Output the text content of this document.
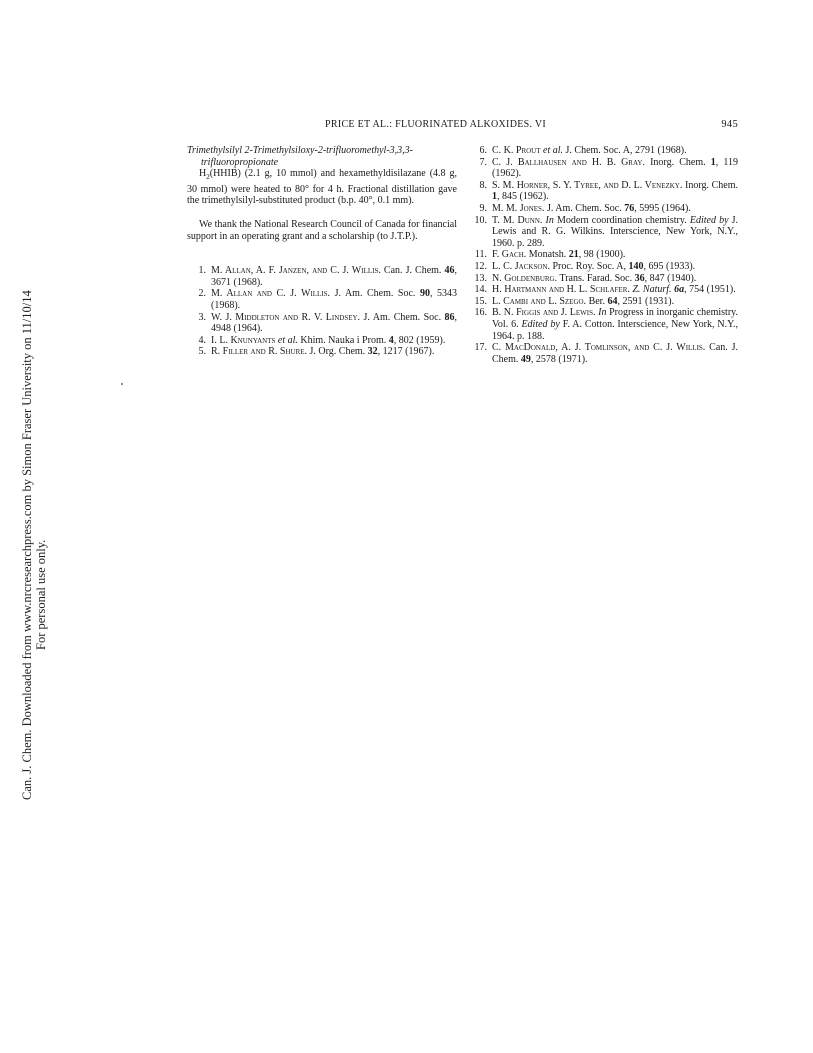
Can. J. Chem. Downloaded from www.nrcresearchpress.com by Simon Fraser University on 11/10/14 For personal use only.
PRICE ET AL.: FLUORINATED ALKOXIDES. VI	945

Trimethylsilyl 2-Trimethylsiloxy-2-trifluoromethyl-3,3,3-trifluoropropionate

$H_2(HHIB)$ (2.1 g, 10 mmol) and hexamethyldisilazane (4.8 g, 30 mmol) were heated to 80° for 4 h. Fractional distillation gave the trimethylsilyl-substituted product (b.p. 40°, 0.1 mm).

We thank the National Research Council of Canada for financial support in an operating grant and a scholarship (to J.T.P.).

1. M. Allan, A. F. Janzen, and C. J. Willis. Can. J. Chem. 46, 3671 (1968).
2. M. Allan and C. J. Willis. J. Am. Chem. Soc. 90, 5343 (1968).
3. W. J. Middleton and R. V. Lindsey. J. Am. Chem. Soc. 86, 4948 (1964).
4. I. L. Knunyants et al. Khim. Nauka i Prom. 4, 802 (1959).
5. R. Filler and R. Shure. J. Org. Chem. 32, 1217 (1967).
6. C. K. Prout et al. J. Chem. Soc. A, 2791 (1968).
7. C. J. Ballhausen and H. B. Gray. Inorg. Chem. 1, 119 (1962).
8. S. M. Horner, S. Y. Tyree, and D. L. Venezky. Inorg. Chem. 1, 845 (1962).
9. M. M. Jones. J. Am. Chem. Soc. 76, 5995 (1964).
10. T. M. Dunn. In Modern coordination chemistry. Edited by J. Lewis and R. G. Wilkins. Interscience, New York, N.Y., 1960. p. 289.
11. F. Gach. Monatsh. 21, 98 (1900).
12. L. C. Jackson. Proc. Roy. Soc. A, 140, 695 (1933).
13. N. Goldenburg. Trans. Farad. Soc. 36, 847 (1940).
14. H. Hartmann and H. L. Schlafer. Z. Naturf. 6a, 754 (1951).
15. L. Cambi and L. Szego. Ber. 64, 2591 (1931).
16. B. N. Figgis and J. Lewis. In Progress in inorganic chemistry. Vol. 6. Edited by F. A. Cotton. Interscience, New York, N.Y., 1964. p. 188.
17. C. MacDonald, A. J. Tomlinson, and C. J. Willis. Can. J. Chem. 49, 2578 (1971).
